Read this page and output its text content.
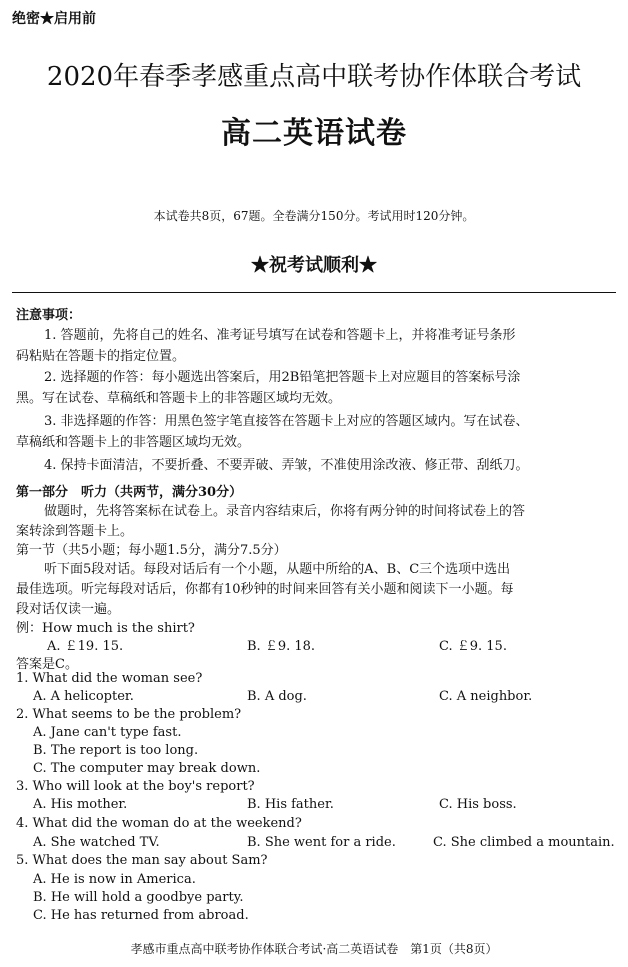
绝密★启用前
2020年春季孝感重点高中联考协作体联合考试
高二英语试卷
本试卷共8页，67题。全卷满分150分。考试用时120分钟。
★祝考试顺利★
注意事项：
1. 答题前，先将自己的姓名、准考证号填写在试卷和答题卡上，并将准考证号条形
码粘贴在答题卡的指定位置。
2. 选择题的作答：每小题选出答案后，用2B铅笔把答题卡上对应题目的答案标号涂
黑。写在试卷、草稿纸和答题卡上的非答题区域均无效。
3. 非选择题的作答：用黑色签字笔直接答在答题卡上对应的答题区域内。写在试卷、
草稿纸和答题卡上的非答题区域均无效。
4. 保持卡面清洁，不要折叠、不要弄破、弄皱，不准使用涂改液、修正带、刮纸刀。
第一部分　听力（共两节，满分30分）
做题时，先将答案标在试卷上。录音内容结束后，你将有两分钟的时间将试卷上的答
案转涂到答题卡上。
第一节（共5小题；每小题1.5分，满分7.5分）
听下面5段对话。每段对话后有一个小题，从题中所给的A、B、C三个选项中选出
最佳选项。听完每段对话后，你都有10秒钟的时间来回答有关小题和阅读下一小题。每
段对话仅读一遍。
例：How much is the shirt?
A. ￡19. 15.	B. ￡9. 18.	C. ￡9. 15.
答案是C。
1. What did the woman see?
A. A helicopter.	B. A dog.	C. A neighbor.
2. What seems to be the problem?
A. Jane can't type fast.
B. The report is too long.
C. The computer may break down.
3. Who will look at the boy's report?
A. His mother.	B. His father.	C. His boss.
4. What did the woman do at the weekend?
A. She watched TV.	B. She went for a ride.	C. She climbed a mountain.
5. What does the man say about Sam?
A. He is now in America.
B. He will hold a goodbye party.
C. He has returned from abroad.
孝感市重点高中联考协作体联合考试·高二英语试卷　第1页（共8页）
